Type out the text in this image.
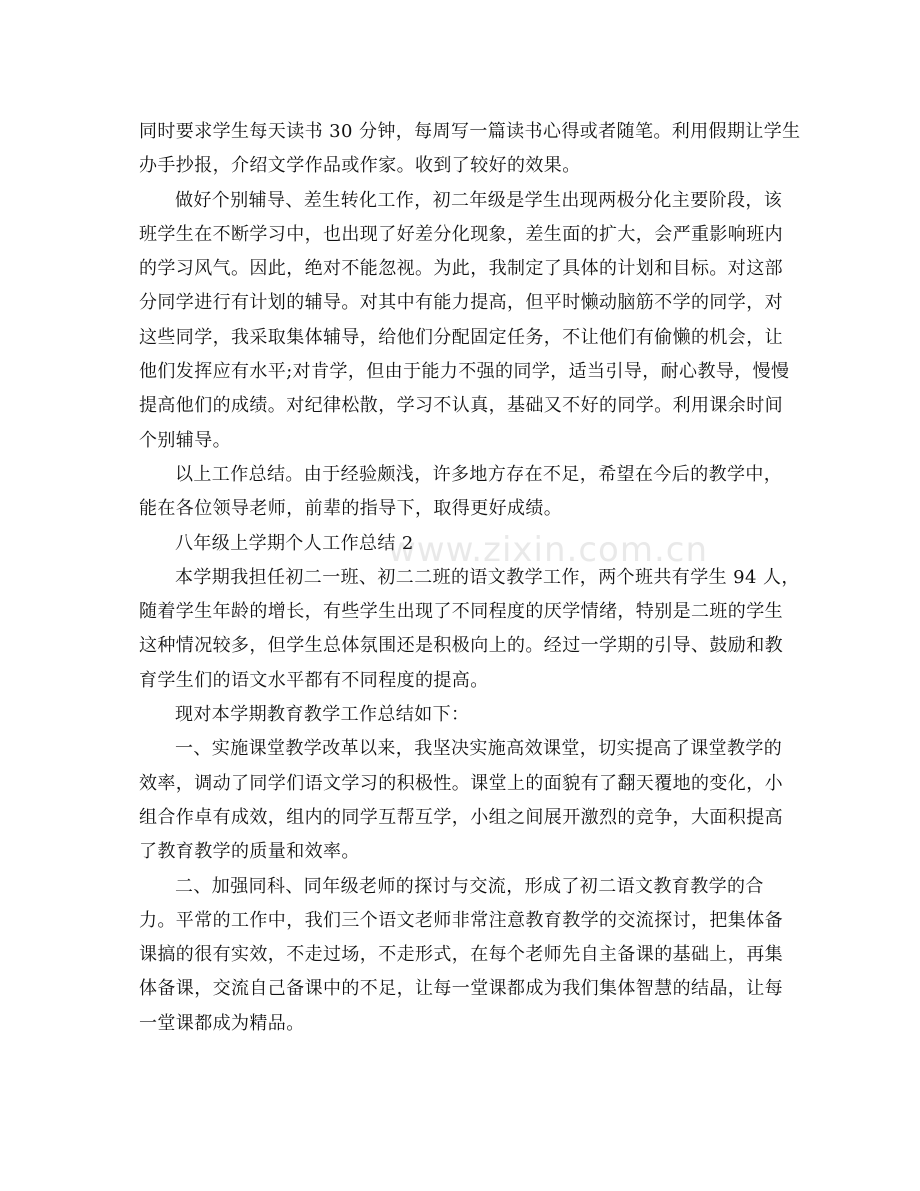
同时要求学生每天读书 30 分钟，每周写一篇读书心得或者随笔。利用假期让学生
办手抄报，介绍文学作品或作家。收到了较好的效果。
做好个别辅导、差生转化工作，初二年级是学生出现两极分化主要阶段，该
班学生在不断学习中，也出现了好差分化现象，差生面的扩大，会严重影响班内
的学习风气。因此，绝对不能忽视。为此，我制定了具体的计划和目标。对这部
分同学进行有计划的辅导。对其中有能力提高，但平时懒动脑筋不学的同学，对
这些同学，我采取集体辅导，给他们分配固定任务，不让他们有偷懒的机会，让
他们发挥应有水平;对肯学，但由于能力不强的同学，适当引导，耐心教导，慢慢
提高他们的成绩。对纪律松散，学习不认真，基础又不好的同学。利用课余时间
个别辅导。
以上工作总结。由于经验颇浅，许多地方存在不足，希望在今后的教学中，
能在各位领导老师，前辈的指导下，取得更好成绩。
八年级上学期个人工作总结 2
本学期我担任初二一班、初二二班的语文教学工作，两个班共有学生 94 人，
随着学生年龄的增长，有些学生出现了不同程度的厌学情绪，特别是二班的学生
这种情况较多，但学生总体氛围还是积极向上的。经过一学期的引导、鼓励和教
育学生们的语文水平都有不同程度的提高。
现对本学期教育教学工作总结如下：
一、实施课堂教学改革以来，我坚决实施高效课堂，切实提高了课堂教学的
效率，调动了同学们语文学习的积极性。课堂上的面貌有了翻天覆地的变化，小
组合作卓有成效，组内的同学互帮互学，小组之间展开激烈的竞争，大面积提高
了教育教学的质量和效率。
二、加强同科、同年级老师的探讨与交流，形成了初二语文教育教学的合
力。平常的工作中，我们三个语文老师非常注意教育教学的交流探讨，把集体备
课搞的很有实效，不走过场，不走形式，在每个老师先自主备课的基础上，再集
体备课，交流自己备课中的不足，让每一堂课都成为我们集体智慧的结晶，让每
一堂课都成为精品。
www.zixin.com.cn
